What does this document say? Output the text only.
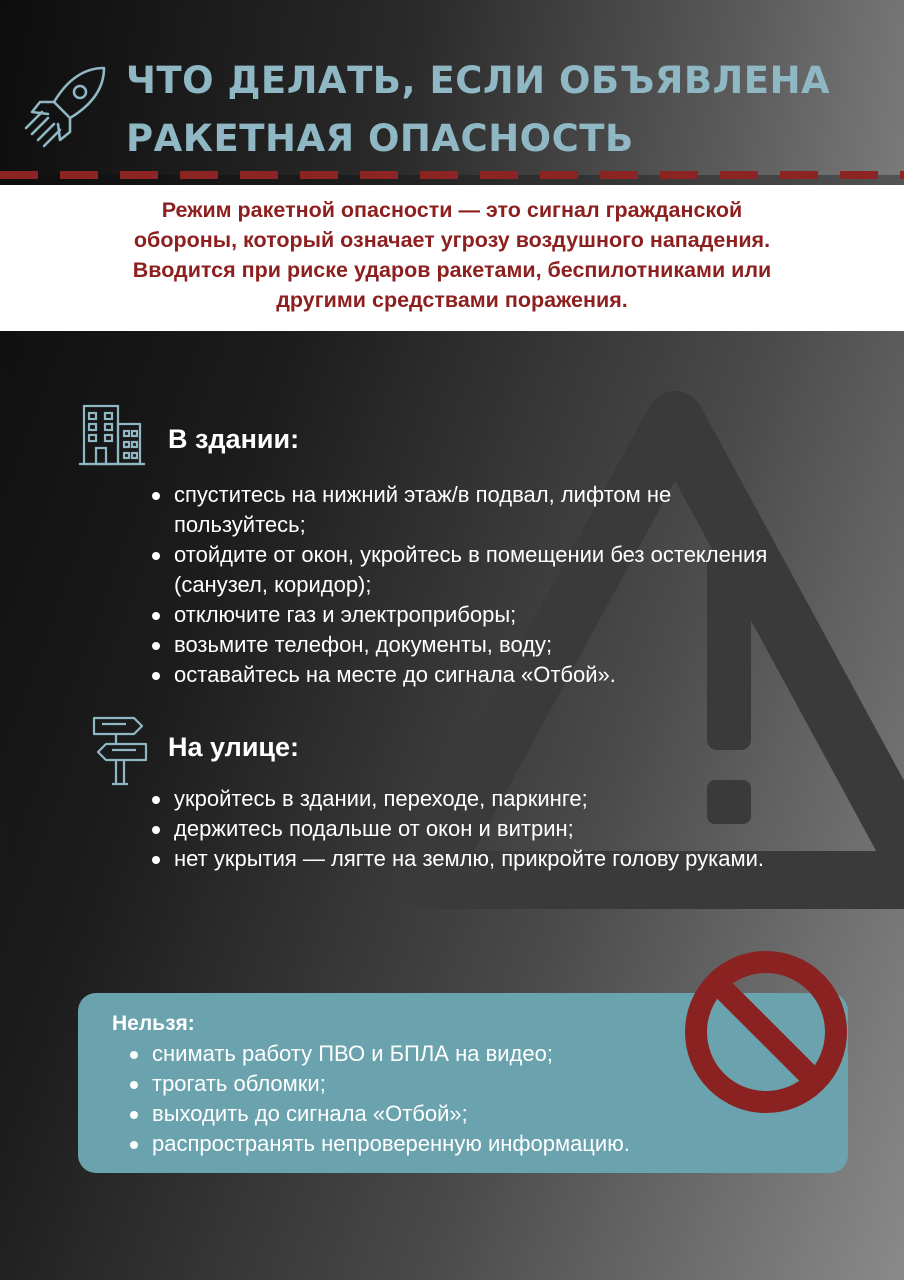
ЧТО ДЕЛАТЬ, ЕСЛИ ОБЪЯВЛЕНА
РАКЕТНАЯ ОПАСНОСТЬ

Режим ракетной опасности — это сигнал гражданской

обороны, который означает угрозу воздушного нападения.

Вводится при риске ударов ракетами, беспилотниками или

другими средствами поражения.

В здании:
спуститесь на нижний этаж/в подвал, лифтом не пользуйтесь;
отойдите от окон, укройтесь в помещении без остекления (санузел, коридор);
отключите газ и электроприборы;
возьмите телефон, документы, воду;
оставайтесь на месте до сигнала «Отбой».
На улице:
укройтесь в здании, переходе, паркинге;
держитесь подальше от окон и витрин;
нет укрытия — лягте на землю, прикройте голову руками.

Нельзя:

снимать работу ПВО и БПЛА на видео;
трогать обломки;
выходить до сигнала «Отбой»;
распространять непроверенную информацию.
